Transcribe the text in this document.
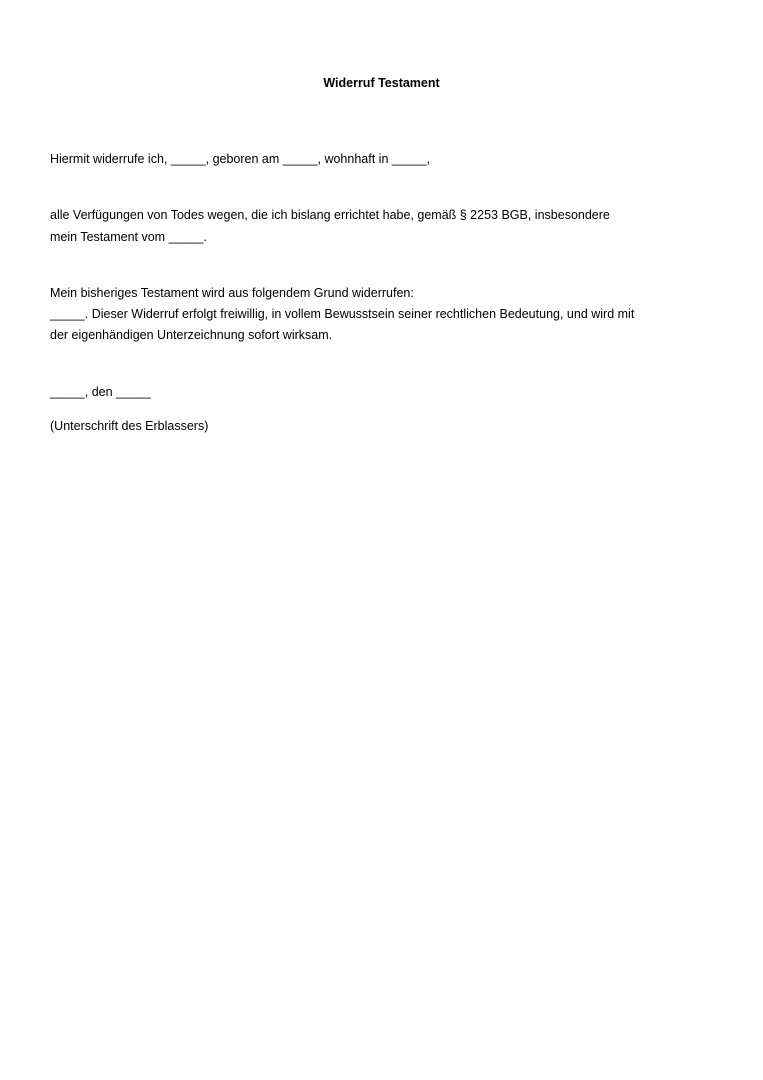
Widerruf Testament
Hiermit widerrufe ich, _____, geboren am _____, wohnhaft in _____,
alle Verfügungen von Todes wegen, die ich bislang errichtet habe, gemäß § 2253 BGB, insbesondere
mein Testament vom _____.
Mein bisheriges Testament wird aus folgendem Grund widerrufen:
_____. Dieser Widerruf erfolgt freiwillig, in vollem Bewusstsein seiner rechtlichen Bedeutung, und wird mit
der eigenhändigen Unterzeichnung sofort wirksam.
_____, den _____
(Unterschrift des Erblassers)
